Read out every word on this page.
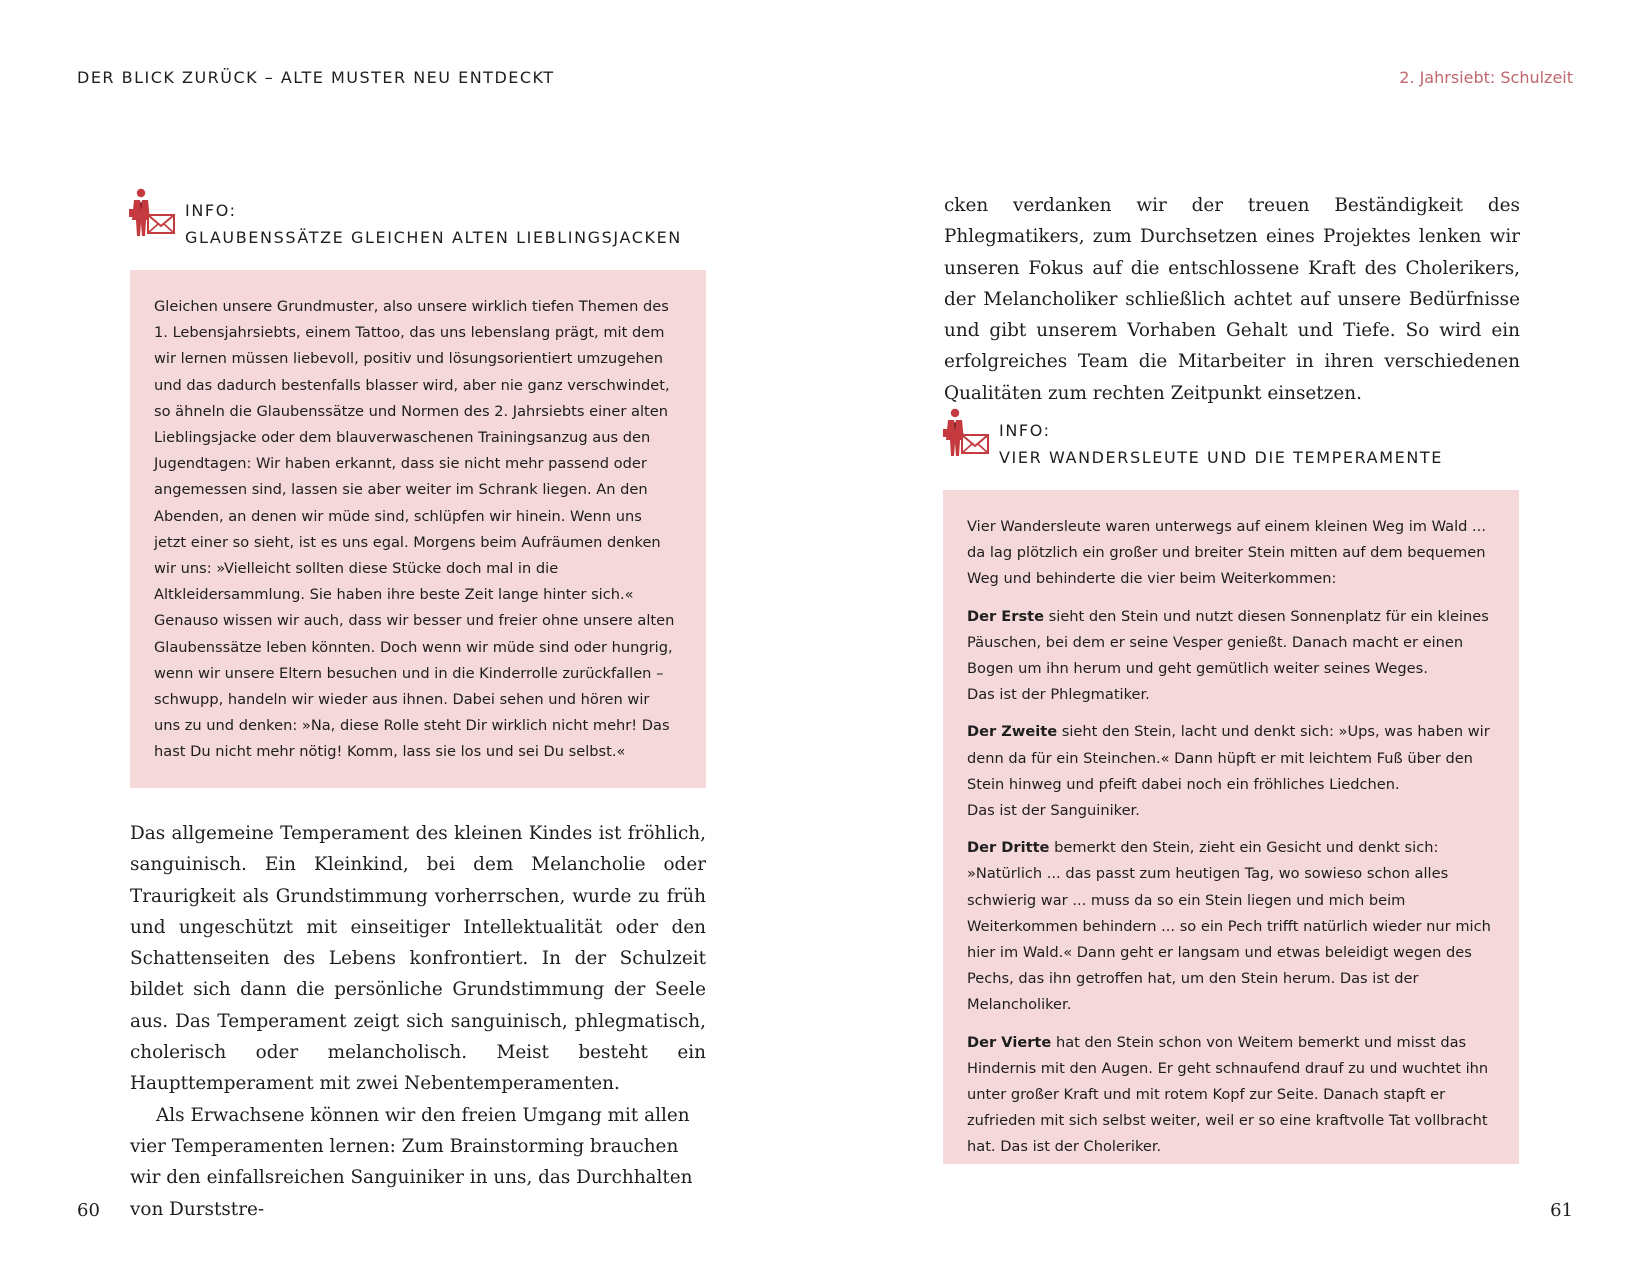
DER BLICK ZURÜCK – ALTE MUSTER NEU ENTDECKT
INFO:
GLAUBENSSÄTZE GLEICHEN ALTEN LIEBLINGSJACKEN

Gleichen unsere Grundmuster, also unsere wirklich tiefen Themen des 1. Lebensjahrsiebts, einem Tattoo, das uns lebenslang prägt, mit dem wir lernen müssen liebevoll, positiv und lösungsorientiert umzugehen und das dadurch bestenfalls blasser wird, aber nie ganz verschwindet, so ähneln die Glaubenssätze und Normen des 2. Jahrsiebts einer alten Lieblingsjacke oder dem blauverwaschenen Trainingsanzug aus den Jugendtagen: Wir haben erkannt, dass sie nicht mehr passend oder angemessen sind, lassen sie aber weiter im Schrank liegen. An den Abenden, an denen wir müde sind, schlüpfen wir hinein. Wenn uns jetzt einer so sieht, ist es uns egal. Morgens beim Aufräumen denken wir uns: »Vielleicht sollten diese Stücke doch mal in die Altkleidersammlung. Sie haben ihre beste Zeit lange hinter sich.« Genauso wissen wir auch, dass wir besser und freier ohne unsere alten Glaubenssätze leben könnten. Doch wenn wir müde sind oder hungrig, wenn wir unsere Eltern besuchen und in die Kinderrolle zurückfallen – schwupp, handeln wir wieder aus ihnen. Dabei sehen und hören wir uns zu und denken: »Na, diese Rolle steht Dir wirklich nicht mehr! Das hast Du nicht mehr nötig! Komm, lass sie los und sei Du selbst.«

Das allgemeine Temperament des kleinen Kindes ist fröhlich, sanguinisch. Ein Kleinkind, bei dem Melancholie oder Traurigkeit als Grundstimmung vorherrschen, wurde zu früh und ungeschützt mit einseitiger Intellektualität oder den Schattenseiten des Lebens konfrontiert. In der Schulzeit bildet sich dann die persönliche Grundstimmung der Seele aus. Das Temperament zeigt sich sanguinisch, phlegmatisch, cholerisch oder melancholisch. Meist besteht ein Haupttemperament mit zwei Nebentemperamenten.

Als Erwachsene können wir den freien Umgang mit allen vier Temperamenten lernen: Zum Brainstorming brauchen wir den einfallsreichen Sanguiniker in uns, das Durchhalten von Durststre-

60
2. Jahrsiebt: Schulzeit

cken verdanken wir der treuen Beständigkeit des Phlegmatikers, zum Durchsetzen eines Projektes lenken wir unseren Fokus auf die entschlossene Kraft des Cholerikers, der Melancholiker schließlich achtet auf unsere Bedürfnisse und gibt unserem Vorhaben Gehalt und Tiefe. So wird ein erfolgreiches Team die Mitarbeiter in ihren verschiedenen Qualitäten zum rechten Zeitpunkt einsetzen.

INFO:
VIER WANDERSLEUTE UND DIE TEMPERAMENTE

Vier Wandersleute waren unterwegs auf einem kleinen Weg im Wald ... da lag plötzlich ein großer und breiter Stein mitten auf dem bequemen Weg und behinderte die vier beim Weiterkommen:

Der Erste sieht den Stein und nutzt diesen Sonnenplatz für ein kleines Päuschen, bei dem er seine Vesper genießt. Danach macht er einen Bogen um ihn herum und geht gemütlich weiter seines Weges.
Das ist der Phlegmatiker.

Der Zweite sieht den Stein, lacht und denkt sich: »Ups, was haben wir denn da für ein Steinchen.« Dann hüpft er mit leichtem Fuß über den Stein hinweg und pfeift dabei noch ein fröhliches Liedchen.
Das ist der Sanguiniker.

Der Dritte bemerkt den Stein, zieht ein Gesicht und denkt sich: »Natürlich ... das passt zum heutigen Tag, wo sowieso schon alles schwierig war ... muss da so ein Stein liegen und mich beim Weiterkommen behindern ... so ein Pech trifft natürlich wieder nur mich hier im Wald.« Dann geht er langsam und etwas beleidigt wegen des Pechs, das ihn getroffen hat, um den Stein herum. Das ist der Melancholiker.

Der Vierte hat den Stein schon von Weitem bemerkt und misst das Hindernis mit den Augen. Er geht schnaufend drauf zu und wuchtet ihn unter großer Kraft und mit rotem Kopf zur Seite. Danach stapft er zufrieden mit sich selbst weiter, weil er so eine kraftvolle Tat vollbracht hat. Das ist der Choleriker.

61
